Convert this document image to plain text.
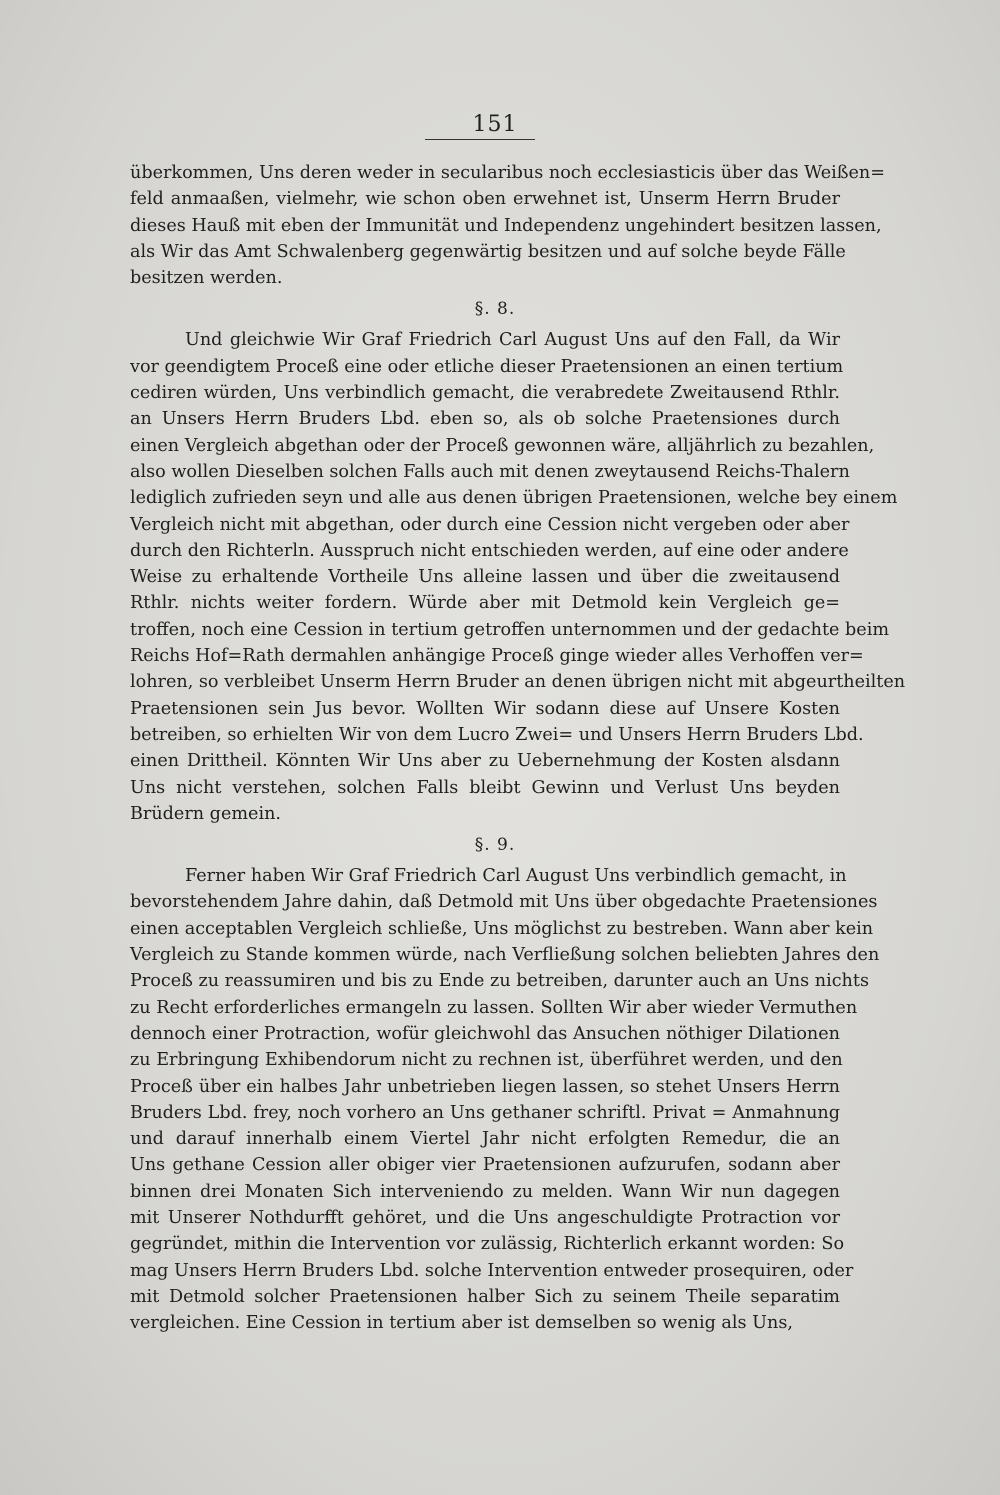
151
überkommen, Uns deren weder in secularibus noch ecclesiasticis über das Weißen=
feld anmaaßen, vielmehr, wie schon oben erwehnet ist, Unserm Herrn Bruder
dieses Hauß mit eben der Immunität und Independenz ungehindert besitzen lassen,
als Wir das Amt Schwalenberg gegenwärtig besitzen und auf solche beyde Fälle
besitzen werden.
§. 8.
Und gleichwie Wir Graf Friedrich Carl August Uns auf den Fall, da Wir
vor geendigtem Proceß eine oder etliche dieser Praetensionen an einen tertium
cediren würden, Uns verbindlich gemacht, die verabredete Zweitausend Rthlr.
an Unsers Herrn Bruders Lbd. eben so, als ob solche Praetensiones durch
einen Vergleich abgethan oder der Proceß gewonnen wäre, alljährlich zu bezahlen,
also wollen Dieselben solchen Falls auch mit denen zweytausend Reichs-Thalern
lediglich zufrieden seyn und alle aus denen übrigen Praetensionen, welche bey einem
Vergleich nicht mit abgethan, oder durch eine Cession nicht vergeben oder aber
durch den Richterln. Ausspruch nicht entschieden werden, auf eine oder andere
Weise zu erhaltende Vortheile Uns alleine lassen und über die zweitausend
Rthlr. nichts weiter fordern. Würde aber mit Detmold kein Vergleich ge=
troffen, noch eine Cession in tertium getroffen unternommen und der gedachte beim
Reichs Hof=Rath dermahlen anhängige Proceß ginge wieder alles Verhoffen ver=
lohren, so verbleibet Unserm Herrn Bruder an denen übrigen nicht mit abgeurtheilten
Praetensionen sein Jus bevor. Wollten Wir sodann diese auf Unsere Kosten
betreiben, so erhielten Wir von dem Lucro Zwei= und Unsers Herrn Bruders Lbd.
einen Drittheil. Könnten Wir Uns aber zu Uebernehmung der Kosten alsdann
Uns nicht verstehen, solchen Falls bleibt Gewinn und Verlust Uns beyden
Brüdern gemein.
§. 9.
Ferner haben Wir Graf Friedrich Carl August Uns verbindlich gemacht, in
bevorstehendem Jahre dahin, daß Detmold mit Uns über obgedachte Praetensiones
einen acceptablen Vergleich schließe, Uns möglichst zu bestreben. Wann aber kein
Vergleich zu Stande kommen würde, nach Verfließung solchen beliebten Jahres den
Proceß zu reassumiren und bis zu Ende zu betreiben, darunter auch an Uns nichts
zu Recht erforderliches ermangeln zu lassen. Sollten Wir aber wieder Vermuthen
dennoch einer Protraction, wofür gleichwohl das Ansuchen nöthiger Dilationen
zu Erbringung Exhibendorum nicht zu rechnen ist, überführet werden, und den
Proceß über ein halbes Jahr unbetrieben liegen lassen, so stehet Unsers Herrn
Bruders Lbd. frey, noch vorhero an Uns gethaner schriftl. Privat = Anmahnung
und darauf innerhalb einem Viertel Jahr nicht erfolgten Remedur, die an
Uns gethane Cession aller obiger vier Praetensionen aufzurufen, sodann aber
binnen drei Monaten Sich interveniendo zu melden. Wann Wir nun dagegen
mit Unserer Nothdurfft gehöret, und die Uns angeschuldigte Protraction vor
gegründet, mithin die Intervention vor zulässig, Richterlich erkannt worden: So
mag Unsers Herrn Bruders Lbd. solche Intervention entweder prosequiren, oder
mit Detmold solcher Praetensionen halber Sich zu seinem Theile separatim
vergleichen. Eine Cession in tertium aber ist demselben so wenig als Uns,
